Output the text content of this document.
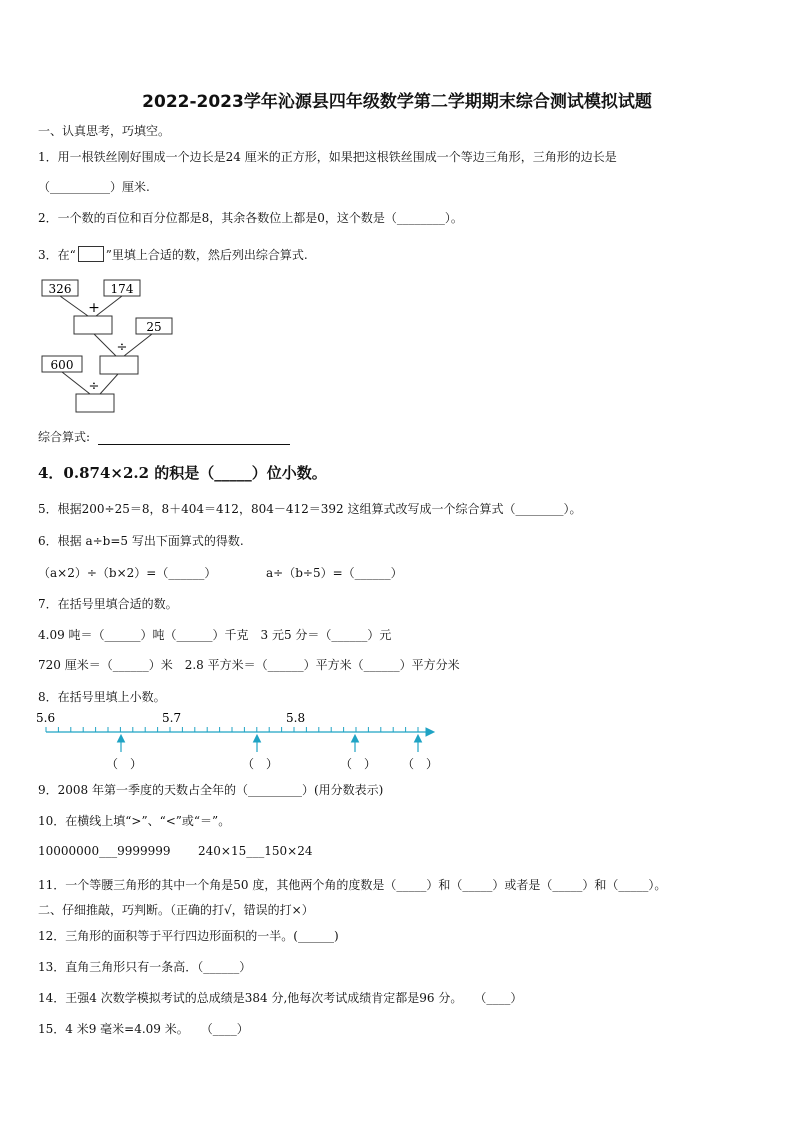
2022-2023学年沁源县四年级数学第二学期期末综合测试模拟试题
一、认真思考，巧填空。
1．用一根铁丝刚好围成一个边长是24 厘米的正方形，如果把这根铁丝围成一个等边三角形，三角形的边长是
（__________）厘米.
2．一个数的百位和百分位都是8，其余各数位上都是0，这个数是（________）。
3．在“	”里填上合适的数，然后列出综合算式.
326	174
+
25
÷
600
÷
综合算式:
4．0.874×2.2 的积是（_____）位小数。
5．根据200÷25＝8，8＋404＝412，804－412＝392 这组算式改写成一个综合算式（________）。
6．根据 a÷b=5 写出下面算式的得数.
（a×2）÷（b×2）=（______）	a÷（b÷5）=（______）
7．在括号里填合适的数。
4.09 吨＝（______）吨（______）千克　3 元5 分＝（______）元
720 厘米＝（______）米　2.8 平方米＝（______）平方米（______）平方分米
8．在括号里填上小数。
5.6	5.7	5.8
（　）	（　）	（　） （　）
9．2008 年第一季度的天数占全年的（_________）(用分数表示)
10．在横线上填“>”、“<”或“＝”。
10000000___9999999 240×15___150×24
11．一个等腰三角形的其中一个角是50 度，其他两个角的度数是（_____）和（_____）或者是（_____）和（_____）。
二、仔细推敲，巧判断。（正确的打√，错误的打×）
12．三角形的面积等于平行四边形面积的一半。(______)
13．直角三角形只有一条高．（______）
14．王强4 次数学模拟考试的总成绩是384 分,他每次考试成绩肯定都是96 分。　　（____）
15．4 米9 毫米=4.09 米。　　（____）
